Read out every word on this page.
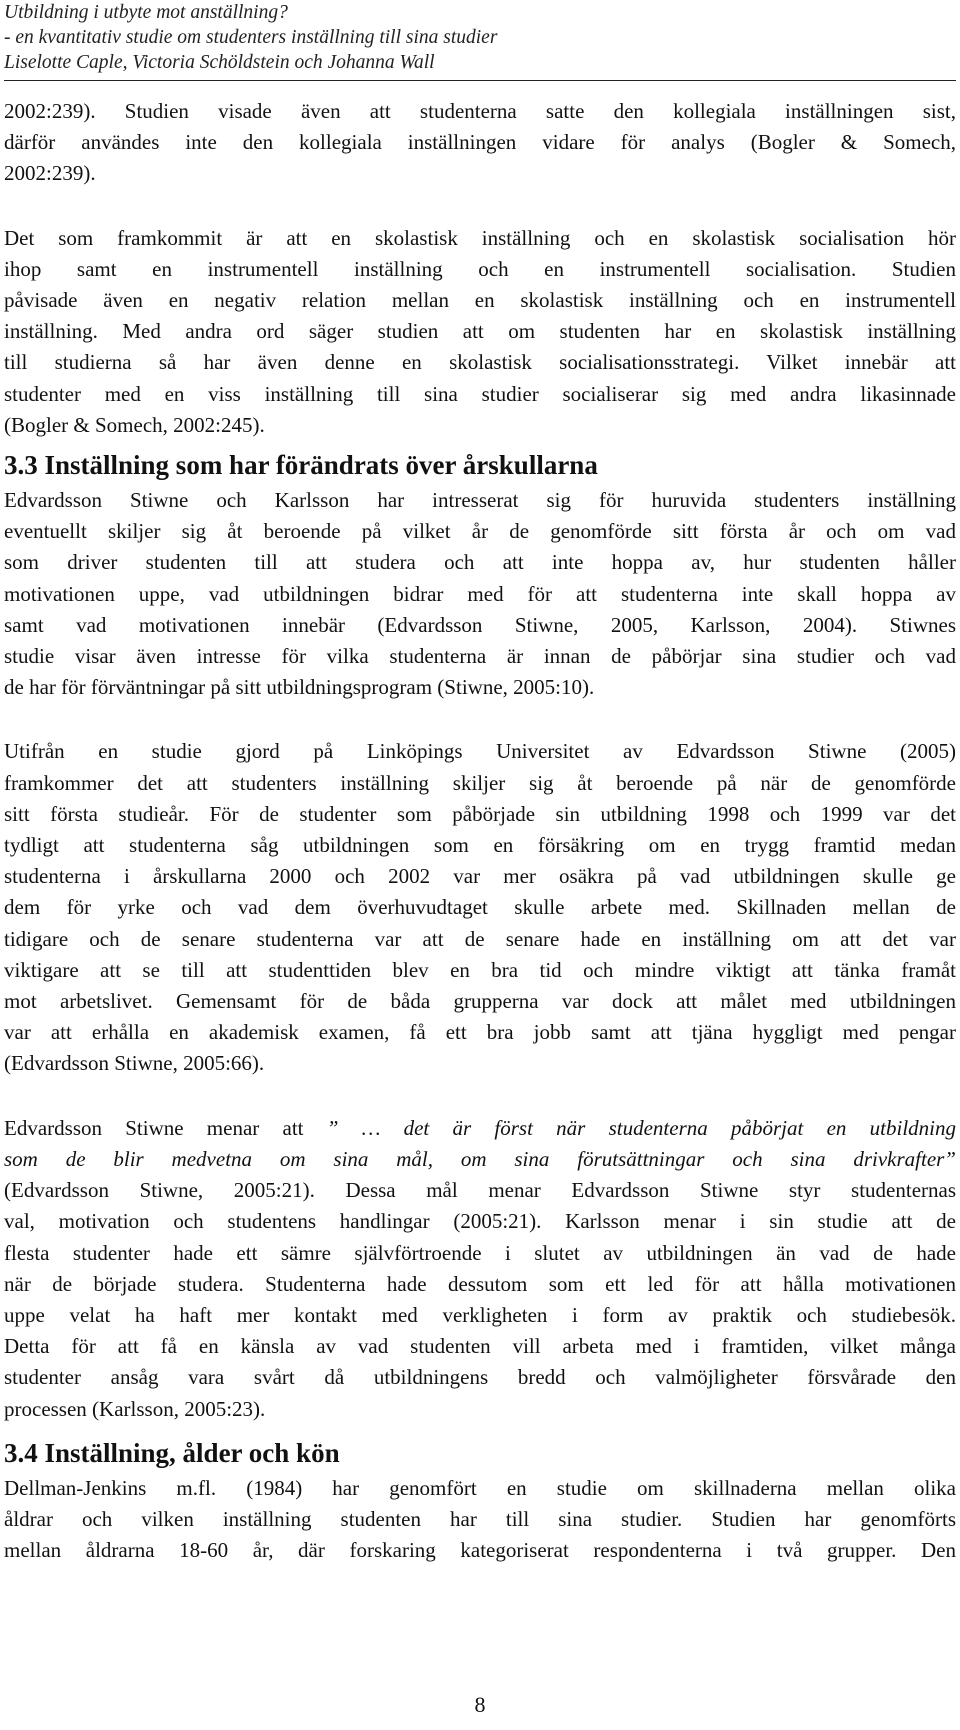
Utbildning i utbyte mot anställning?
- en kvantitativ studie om studenters inställning till sina studier
Liselotte Caple, Victoria Schöldstein och Johanna Wall
2002:239). Studien visade även att studenterna satte den kollegiala inställningen sist,
därför användes inte den kollegiala inställningen vidare för analys (Bogler & Somech,
2002:239).
Det som framkommit är att en skolastisk inställning och en skolastisk socialisation hör
ihop samt en instrumentell inställning och en instrumentell socialisation. Studien
påvisade även en negativ relation mellan en skolastisk inställning och en instrumentell
inställning. Med andra ord säger studien att om studenten har en skolastisk inställning
till studierna så har även denne en skolastisk socialisationsstrategi. Vilket innebär att
studenter med en viss inställning till sina studier socialiserar sig med andra likasinnade
(Bogler & Somech, 2002:245).
3.3 Inställning som har förändrats över årskullarna
Edvardsson Stiwne och Karlsson har intresserat sig för huruvida studenters inställning
eventuellt skiljer sig åt beroende på vilket år de genomförde sitt första år och om vad
som driver studenten till att studera och att inte hoppa av, hur studenten håller
motivationen uppe, vad utbildningen bidrar med för att studenterna inte skall hoppa av
samt vad motivationen innebär (Edvardsson Stiwne, 2005, Karlsson, 2004). Stiwnes
studie visar även intresse för vilka studenterna är innan de påbörjar sina studier och vad
de har för förväntningar på sitt utbildningsprogram (Stiwne, 2005:10).
Utifrån en studie gjord på Linköpings Universitet av Edvardsson Stiwne (2005)
framkommer det att studenters inställning skiljer sig åt beroende på när de genomförde
sitt första studieår. För de studenter som påbörjade sin utbildning 1998 och 1999 var det
tydligt att studenterna såg utbildningen som en försäkring om en trygg framtid medan
studenterna i årskullarna 2000 och 2002 var mer osäkra på vad utbildningen skulle ge
dem för yrke och vad dem överhuvudtaget skulle arbete med. Skillnaden mellan de
tidigare och de senare studenterna var att de senare hade en inställning om att det var
viktigare att se till att studenttiden blev en bra tid och mindre viktigt att tänka framåt
mot arbetslivet. Gemensamt för de båda grupperna var dock att målet med utbildningen
var att erhålla en akademisk examen, få ett bra jobb samt att tjäna hyggligt med pengar
(Edvardsson Stiwne, 2005:66).
Edvardsson Stiwne menar att ” … det är först när studenterna påbörjat en utbildning
som de blir medvetna om sina mål, om sina förutsättningar och sina drivkrafter”
(Edvardsson Stiwne, 2005:21). Dessa mål menar Edvardsson Stiwne styr studenternas
val, motivation och studentens handlingar (2005:21). Karlsson menar i sin studie att de
flesta studenter hade ett sämre självförtroende i slutet av utbildningen än vad de hade
när de började studera. Studenterna hade dessutom som ett led för att hålla motivationen
uppe velat ha haft mer kontakt med verkligheten i form av praktik och studiebesök.
Detta för att få en känsla av vad studenten vill arbeta med i framtiden, vilket många
studenter ansåg vara svårt då utbildningens bredd och valmöjligheter försvårade den
processen (Karlsson, 2005:23).
3.4 Inställning, ålder och kön
Dellman-Jenkins m.fl. (1984) har genomfört en studie om skillnaderna mellan olika
åldrar och vilken inställning studenten har till sina studier. Studien har genomförts
mellan åldrarna 18-60 år, där forskaring kategoriserat respondenterna i två grupper. Den
8
